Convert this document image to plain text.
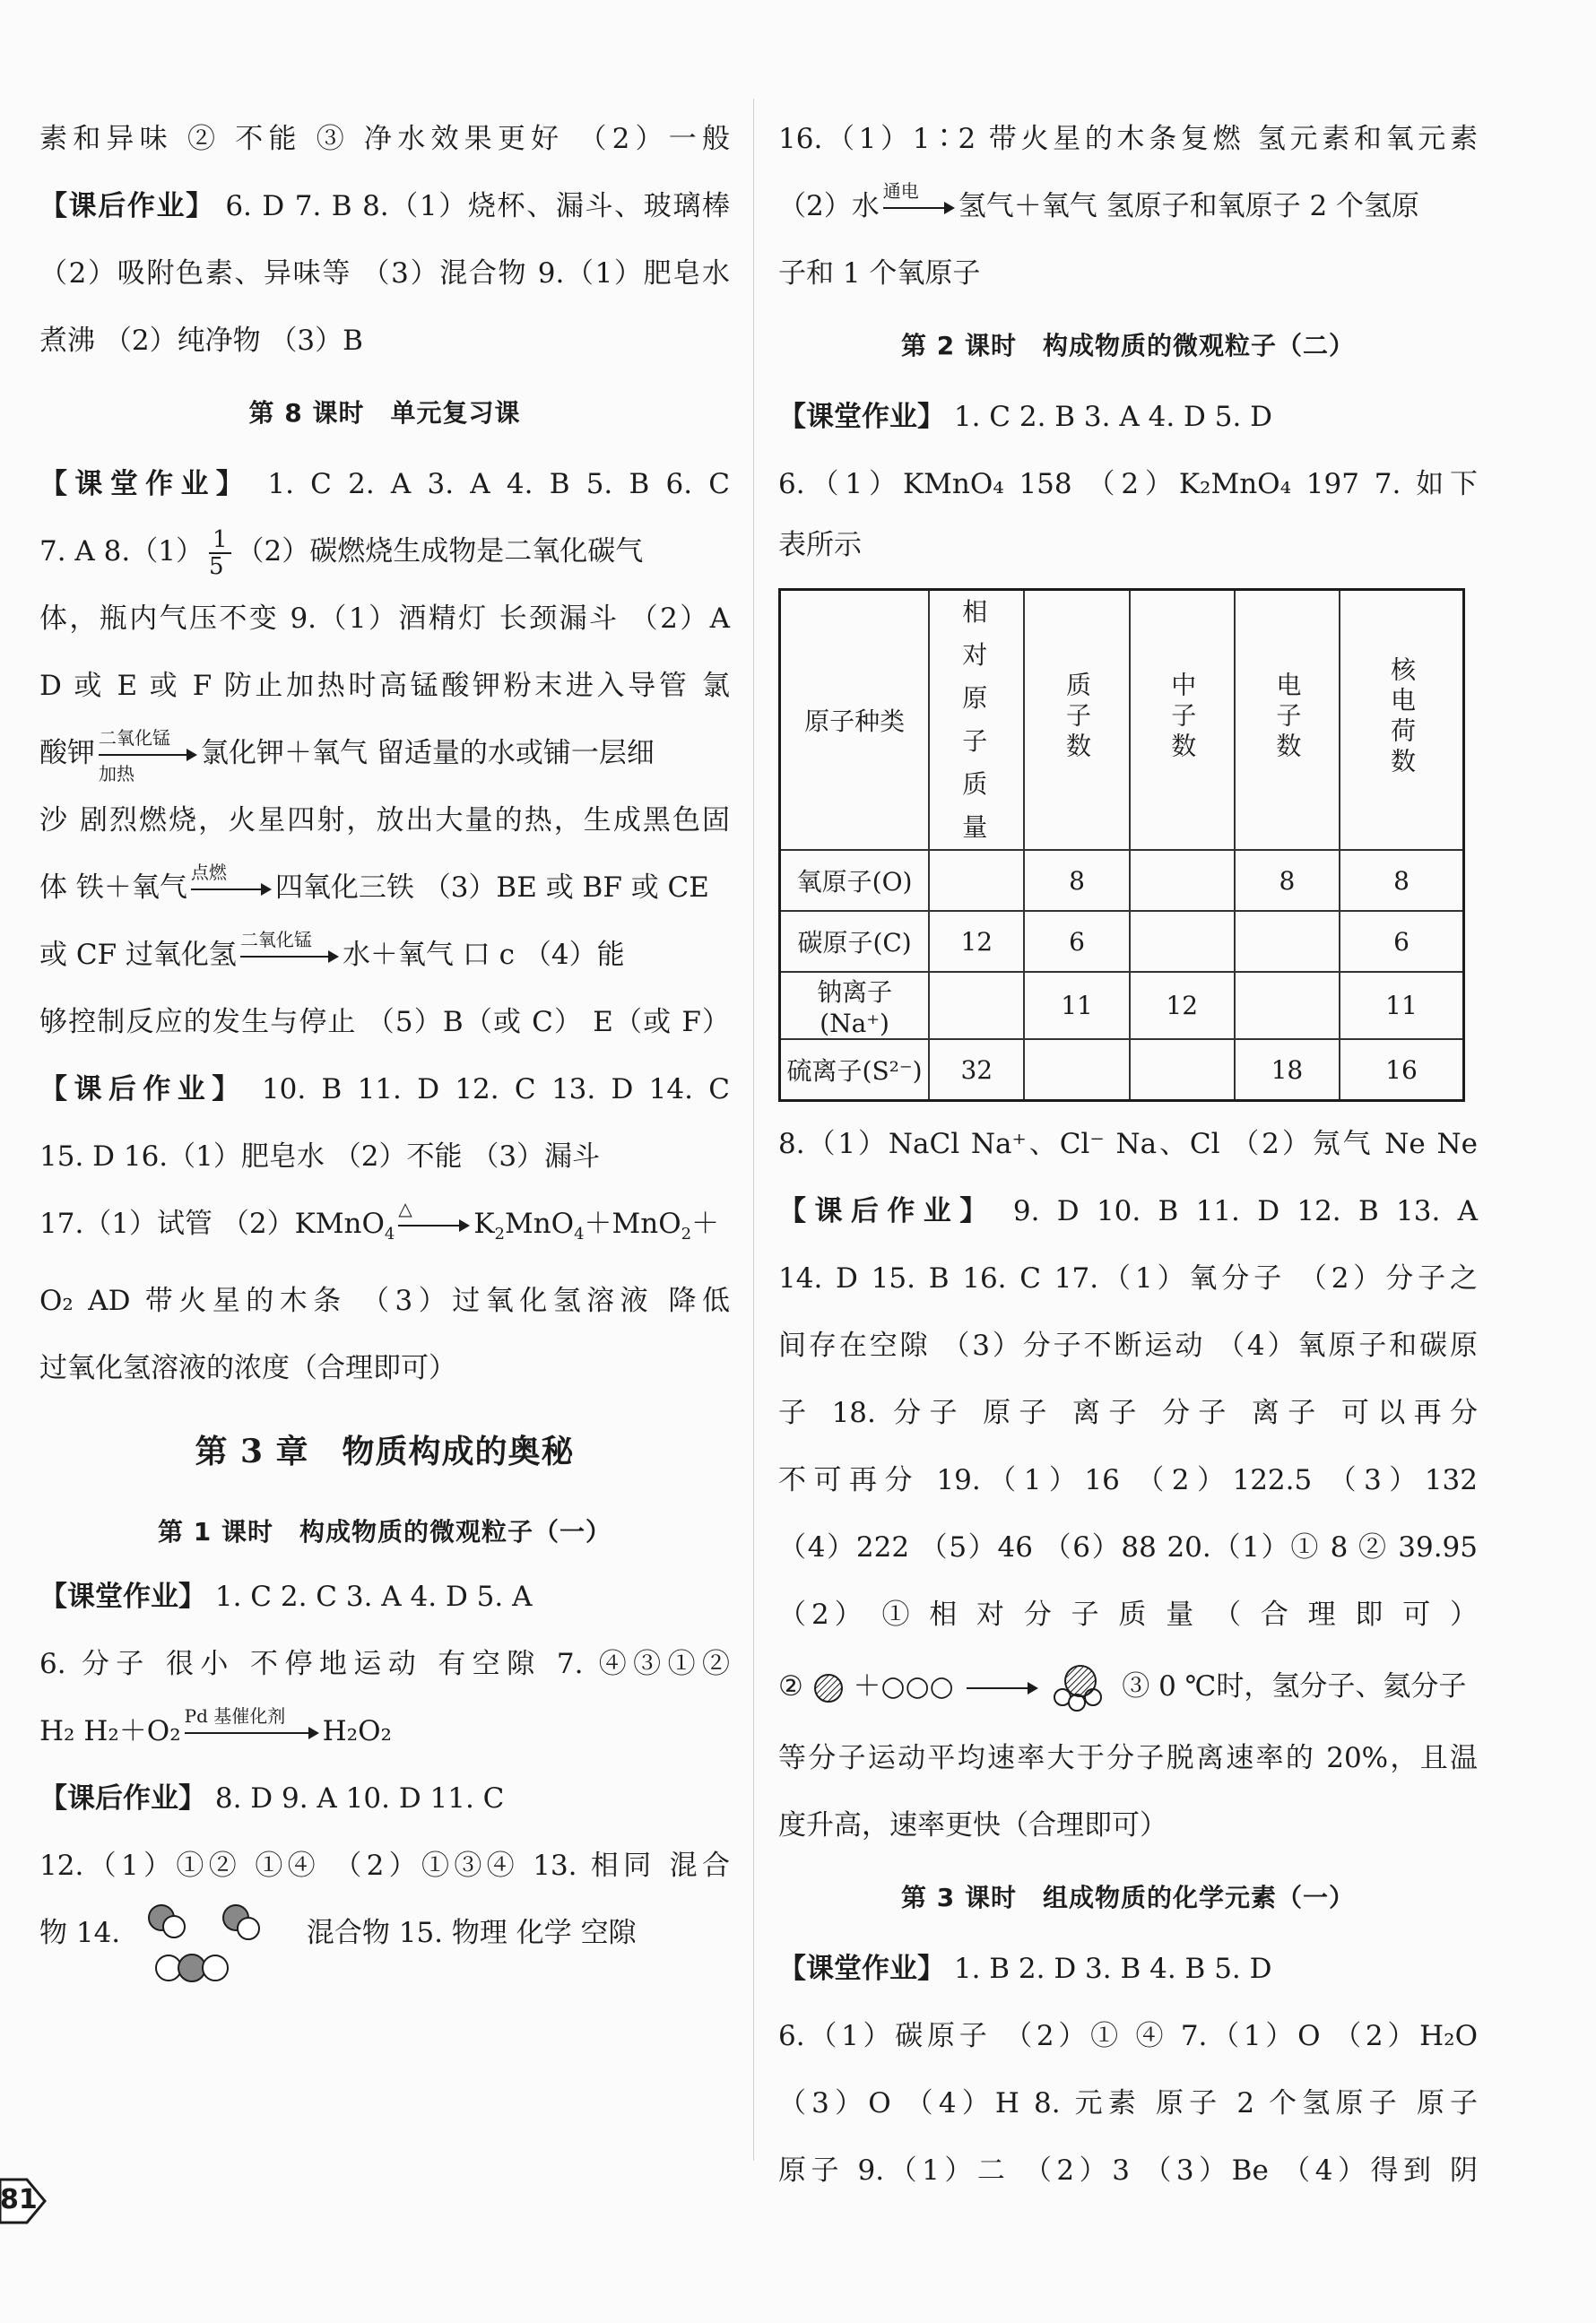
素和异味 ② 不能 ③ 净水效果更好 （2）一般
【课后作业】 6. D 7. B 8.（1）烧杯、漏斗、玻璃棒
（2）吸附色素、异味等 （3）混合物 9.（1）肥皂水
煮沸 （2）纯净物 （3）B
第 8 课时　单元复习课
【课堂作业】 1. C 2. A 3. A 4. B 5. B 6. C
7. A $8.(1) \frac{1}{5} (2)$碳燃烧生成物是二氧化碳气
体，瓶内气压不变 9.（1）酒精灯 长颈漏斗 （2）A
D 或 E 或 F 防止加热时高锰酸钾粉末进入导管 氯
酸钾 二氧化锰
加热
氯化钾＋氧气 留适量的水或铺一层细
沙 剧烈燃烧，火星四射，放出大量的热，生成黑色固
体 铁＋氧气 点燃	四氧化三铁 （3）BE 或 BF 或 CE
或 CF 过氧化氢 二氧化锰	水＋氧气 口 c （4）能
够控制反应的发生与停止 （5）B（或 C） E（或 F）
【课后作业】 10. B 11. D 12. C 13. D 14. C
15. D 16.（1）肥皂水 （2）不能 （3）漏斗
17.（1）试管 （2）KMnO$_4$
△	$K_2MnO_4+MnO_2+$
O₂ AD 带火星的木条 （3）过氧化氢溶液 降低
过氧化氢溶液的浓度（合理即可）
第 3 章　物质构成的奥秘
第 1 课时　构成物质的微观粒子（一）
【课堂作业】 1. C 2. C 3. A 4. D 5. A
6. 分子 很小 不停地运动 有空隙 7. ④③①②
H₂ H₂＋O₂ Pd 基催化剂	H₂O₂
【课后作业】 8. D 9. A 10. D 11. C
12.（1）①② ①④ （2）①③④ 13. 相同 混合
物 14.	混合物 15. 物理 化学 空隙
16.（1）1∶2 带火星的木条复燃 氢元素和氧元素
（2）水 通电	氢气＋氧气 氢原子和氧原子 2 个氢原
子和 1 个氧原子
第 2 课时　构成物质的微观粒子（二）
【课堂作业】 1. C 2. B 3. A 4. D 5. D
6.（1）KMnO₄ 158 （2）K₂MnO₄ 197 7. 如下
表所示
原子种类	相对原子质量	质子数	中子数	电子数	核电荷数
氧原子(O)		8		8	8
碳原子(C)	12	6			6
钠离子(Na⁺)		11	12		11
硫离子(S²⁻)	32			18	16
8.（1）NaCl Na⁺、Cl⁻ Na、Cl （2）氖气 Ne Ne
【课后作业】 9. D 10. B 11. D 12. B 13. A
14. D 15. B 16. C 17.（1）氧分子 （2）分子之
间存在空隙 （3）分子不断运动 （4）氧原子和碳原
子 18. 分子 原子 离子 分子 离子 可以再分
不可再分 19.（1）16 （2）122.5 （3）132
（4）222 （5）46 （6）88 20.（1）① 8 ② 39.95
（2） ① 相 对 分 子 质 量 （ 合 理 即 可 ）
② ＋○○○	③ 0 ℃时，氢分子、氦分子
等分子运动平均速率大于分子脱离速率的 20%，且温
度升高，速率更快（合理即可）
第 3 课时　组成物质的化学元素（一）
【课堂作业】 1. B 2. D 3. B 4. B 5. D
6.（1）碳原子 （2）① ④ 7.（1）O （2）H₂O
（3）O （4）H 8. 元素 原子 2 个氢原子 原子
原子 9.（1）二 （2）3 （3）Be （4）得到 阴
81
